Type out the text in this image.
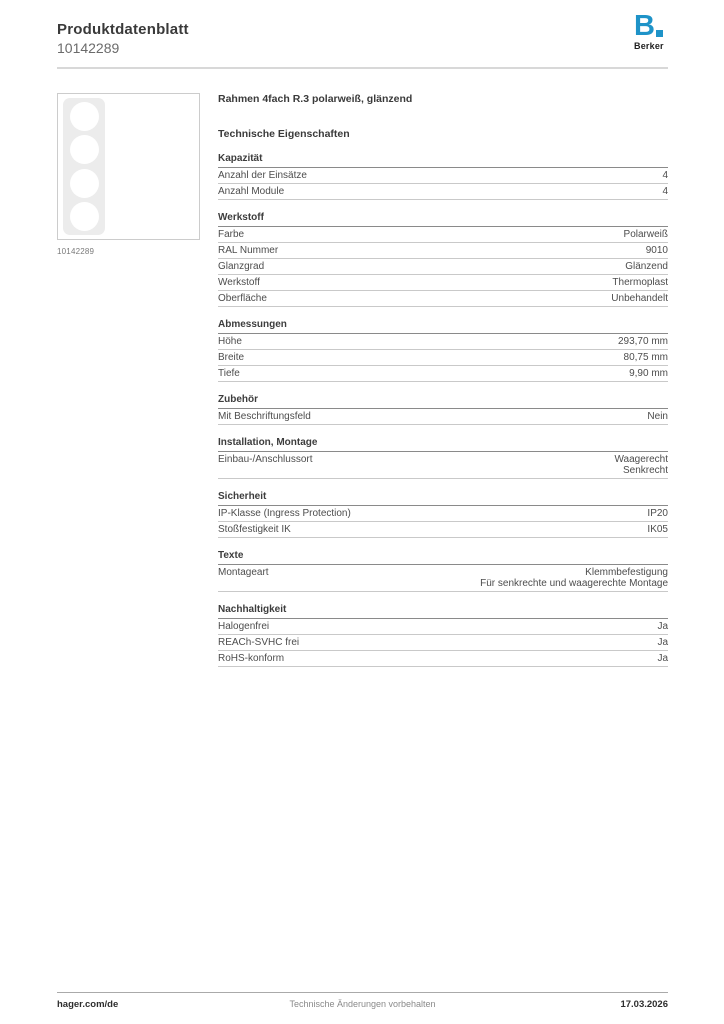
Produktdatenblatt
10142289
B
Berker
10142289
Rahmen 4fach R.3 polarweiß, glänzend
Technische Eigenschaften
Kapazität
Anzahl der Einsätze	4
Anzahl Module	4
Werkstoff
Farbe	Polarweiß
RAL Nummer	9010
Glanzgrad	Glänzend
Werkstoff	Thermoplast
Oberfläche	Unbehandelt
Abmessungen
Höhe	293,70 mm
Breite	80,75 mm
Tiefe	9,90 mm
Zubehör
Mit Beschriftungsfeld	Nein
Installation, Montage
Einbau-/Anschlussort	Waagerecht
Senkrecht
Sicherheit
IP-Klasse (Ingress Protection)	IP20
Stoßfestigkeit IK	IK05
Texte
Montageart	Klemmbefestigung
Für senkrechte und waagerechte Montage
Nachhaltigkeit
Halogenfrei	Ja
REACh-SVHC frei	Ja
RoHS-konform	Ja
hager.com/de	Technische Änderungen vorbehalten	17.03.2026
